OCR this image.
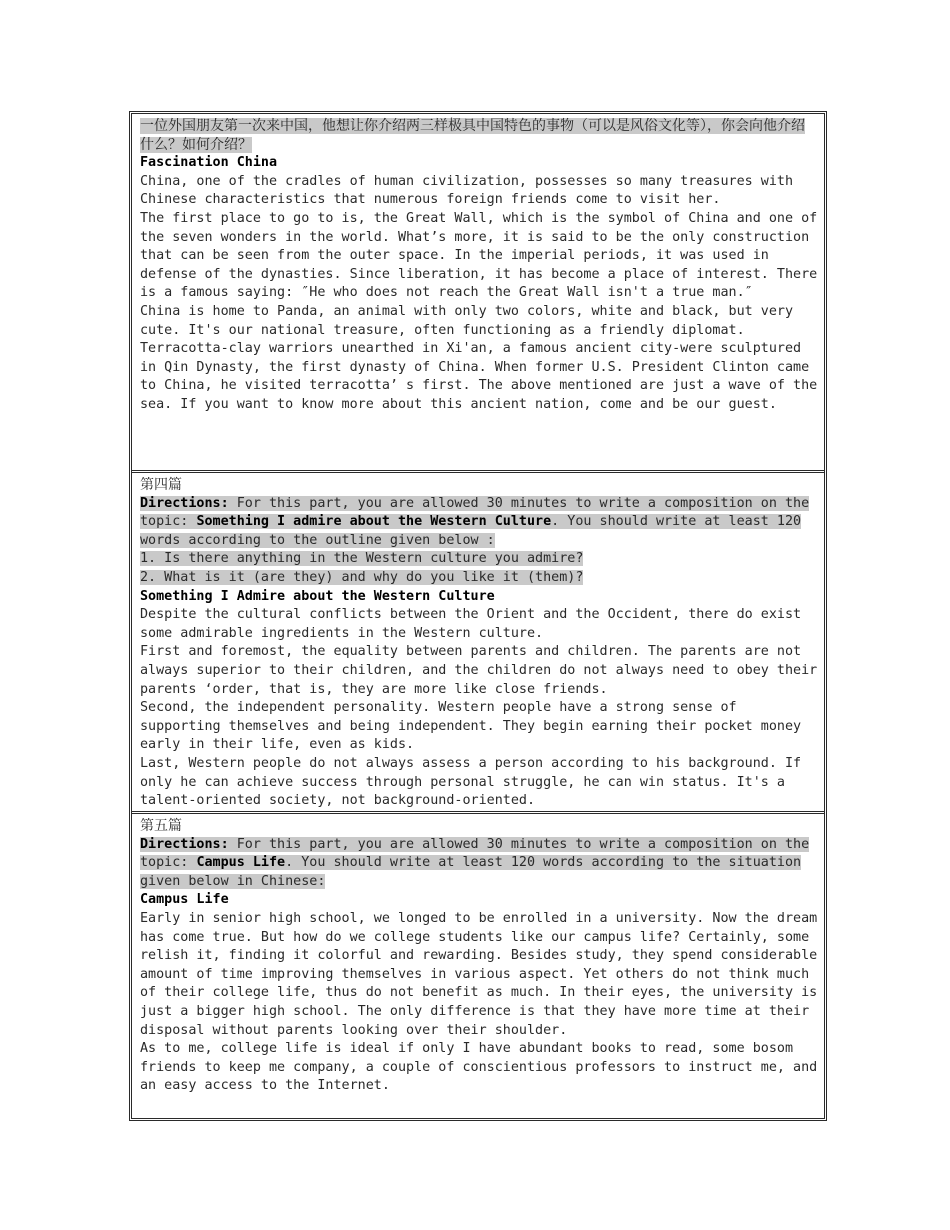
一位外国朋友第一次来中国，他想让你介绍两三样极具中国特色的事物（可以是风俗文化等），你会向他介绍什么？如何介绍？

Fascination China

China, one of the cradles of human civilization, possesses so many treasures with Chinese characteristics that numerous foreign friends come to visit her.

The first place to go to is, the Great Wall, which is the symbol of China and one of the seven wonders in the world. What’s more, it is said to be the only construction that can be seen from the outer space. In the imperial periods, it was used in defense of the dynasties. Since liberation, it has become a place of interest. There is a famous saying: ″He who does not reach the Great Wall isn't a true man.″

China is home to Panda, an animal with only two colors, white and black, but very cute. It's our national treasure, often functioning as a friendly diplomat.

Terracotta-clay warriors unearthed in Xi'an, a famous ancient city-were sculptured in Qin Dynasty, the first dynasty of China. When former U.S. President Clinton came to China, he visited terracotta’ s first. The above mentioned are just a wave of the sea. If you want to know more about this ancient nation, come and be our guest.

第四篇

Directions: For this part, you are allowed 30 minutes to write a composition on the topic: Something I admire about the Western Culture. You should write at least 120 words according to the outline given below :

1. Is there anything in the Western culture you admire?

2. What is it (are they) and why do you like it (them)?

Something I Admire about the Western Culture

Despite the cultural conflicts between the Orient and the Occident, there do exist some admirable ingredients in the Western culture.

First and foremost, the equality between parents and children. The parents are not always superior to their children, and the children do not always need to obey their parents ‘order, that is, they are more like close friends.

Second, the independent personality. Western people have a strong sense of supporting themselves and being independent. They begin earning their pocket money early in their life, even as kids.

Last, Western people do not always assess a person according to his background. If only he can achieve success through personal struggle, he can win status. It's a talent-oriented society, not background-oriented.

第五篇

Directions: For this part, you are allowed 30 minutes to write a composition on the topic: Campus Life. You should write at least 120 words according to the situation given below in Chinese:

Campus Life

Early in senior high school, we longed to be enrolled in a university. Now the dream has come true. But how do we college students like our campus life? Certainly, some relish it, finding it colorful and rewarding. Besides study, they spend considerable amount of time improving themselves in various aspect. Yet others do not think much of their college life, thus do not benefit as much. In their eyes, the university is just a bigger high school. The only difference is that they have more time at their disposal without parents looking over their shoulder.

As to me, college life is ideal if only I have abundant books to read, some bosom friends to keep me company, a couple of conscientious professors to instruct me, and an easy access to the Internet.
